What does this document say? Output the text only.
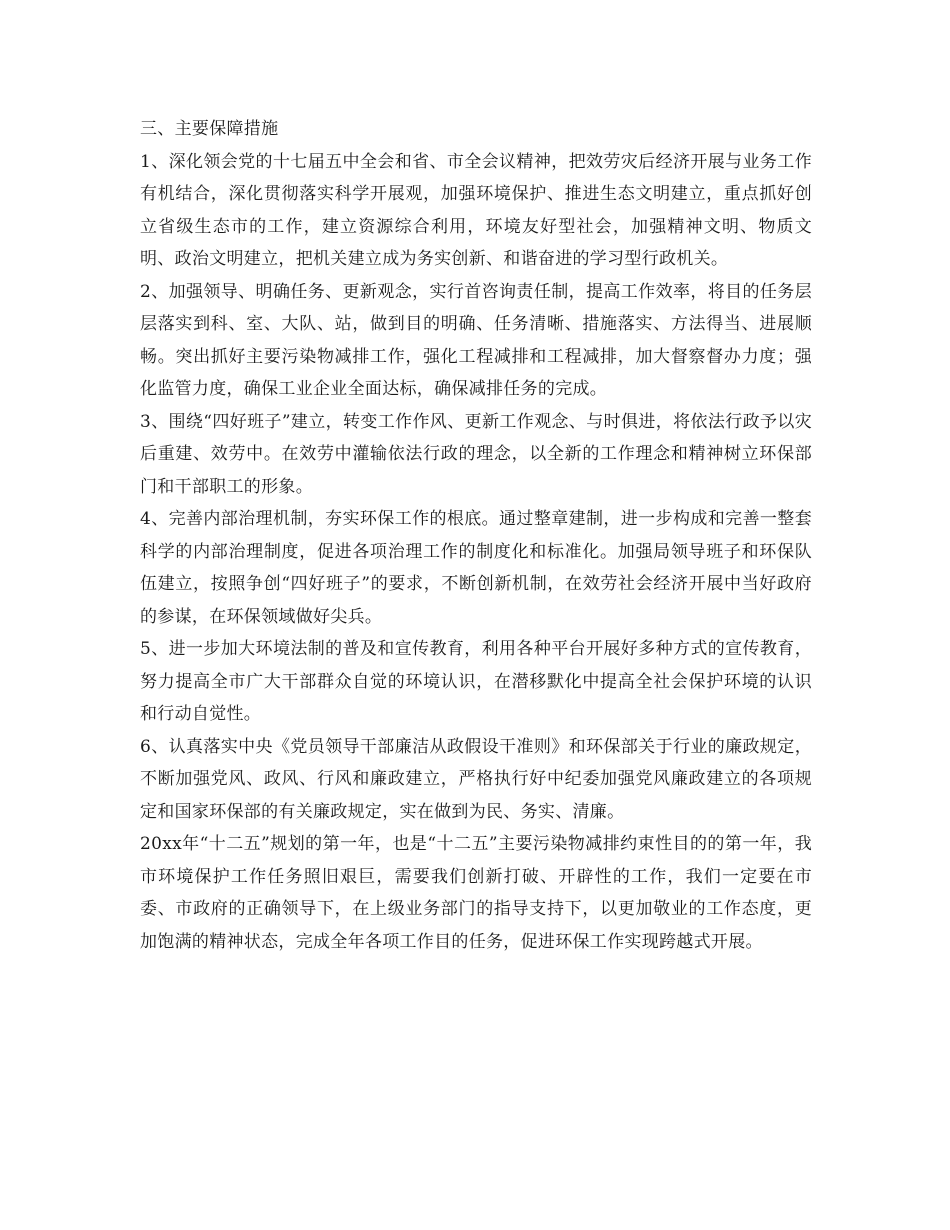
三、主要保障措施

1、深化领会党的十七届五中全会和省、市全会议精神，把效劳灾后经济开展与业务工作有机结合，深化贯彻落实科学开展观，加强环境保护、推进生态文明建立，重点抓好创立省级生态市的工作，建立资源综合利用，环境友好型社会，加强精神文明、物质文明、政治文明建立，把机关建立成为务实创新、和谐奋进的学习型行政机关。

2、加强领导、明确任务、更新观念，实行首咨询责任制，提高工作效率，将目的任务层层落实到科、室、大队、站，做到目的明确、任务清晰、措施落实、方法得当、进展顺畅。突出抓好主要污染物减排工作，强化工程减排和工程减排，加大督察督办力度；强化监管力度，确保工业企业全面达标，确保减排任务的完成。

3、围绕“四好班子”建立，转变工作作风、更新工作观念、与时俱进，将依法行政予以灾后重建、效劳中。在效劳中灌输依法行政的理念，以全新的工作理念和精神树立环保部门和干部职工的形象。

4、完善内部治理机制，夯实环保工作的根底。通过整章建制，进一步构成和完善一整套科学的内部治理制度，促进各项治理工作的制度化和标准化。加强局领导班子和环保队伍建立，按照争创“四好班子”的要求，不断创新机制，在效劳社会经济开展中当好政府的参谋，在环保领域做好尖兵。

5、进一步加大环境法制的普及和宣传教育，利用各种平台开展好多种方式的宣传教育，努力提高全市广大干部群众自觉的环境认识，在潜移默化中提高全社会保护环境的认识和行动自觉性。

6、认真落实中央《党员领导干部廉洁从政假设干准则》和环保部关于行业的廉政规定，不断加强党风、政风、行风和廉政建立，严格执行好中纪委加强党风廉政建立的各项规定和国家环保部的有关廉政规定，实在做到为民、务实、清廉。

20xx年“十二五”规划的第一年，也是“十二五”主要污染物减排约束性目的的第一年，我市环境保护工作任务照旧艰巨，需要我们创新打破、开辟性的工作，我们一定要在市委、市政府的正确领导下，在上级业务部门的指导支持下，以更加敬业的工作态度，更加饱满的精神状态，完成全年各项工作目的任务，促进环保工作实现跨越式开展。
